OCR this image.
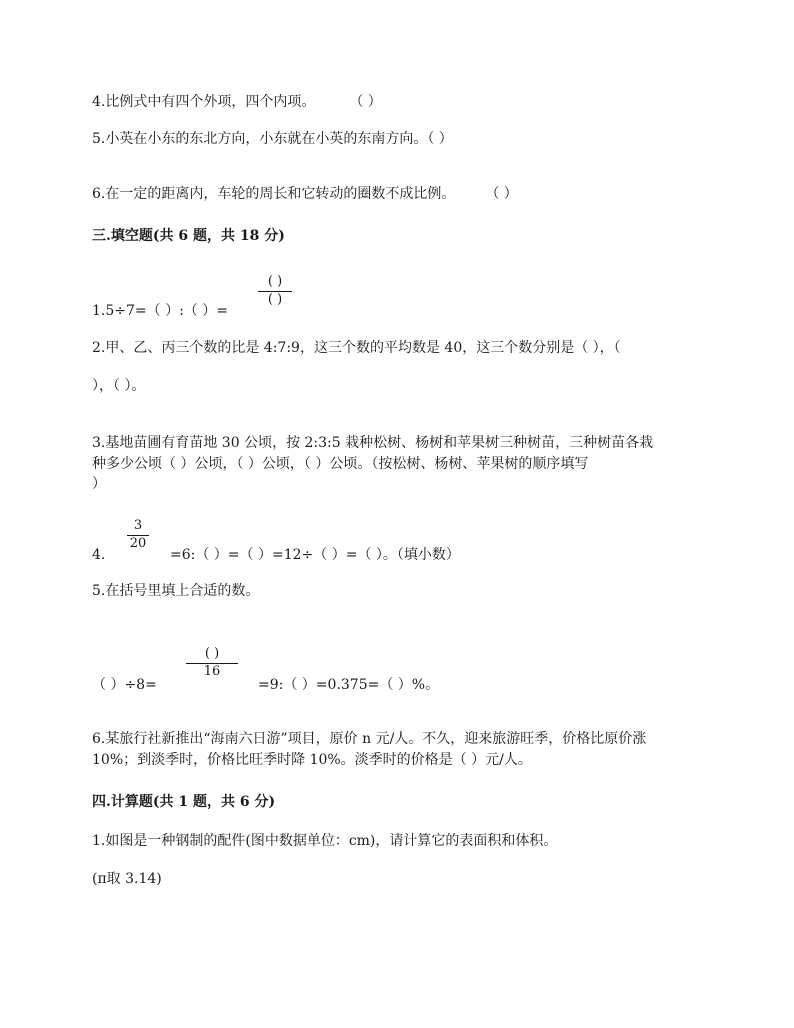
4.比例式中有四个外项，四个内项。 （ ）
5.小英在小东的东北方向，小东就在小英的东南方向。（ ）
6.在一定的距离内，车轮的周长和它转动的圈数不成比例。 （ ）
三.填空题(共 6 题，共 18 分)
( )
( )
1.5÷7=（ ）:（ ）=
2.甲、乙、丙三个数的比是 4:7:9，这三个数的平均数是 40，这三个数分别是（ ），（
），（ ）。
3.基地苗圃有育苗地 30 公顷，按 2:3:5 栽种松树、杨树和苹果树三种树苗，三种树苗各栽
种多少公顷（ ）公顷，（ ）公顷，（ ）公顷。（按松树、杨树、苹果树的顺序填写
）
3
20
4.	=6:（ ）=（ ）=12÷（ ）=（ ）。（填小数）
5.在括号里填上合适的数。
( )
16
（ ）÷8=	=9:（ ）=0.375=（ ）%。
6.某旅行社新推出“海南六日游”项目，原价 n 元/人。不久，迎来旅游旺季，价格比原价涨
10%；到淡季时，价格比旺季时降 10%。淡季时的价格是（ ）元/人。
四.计算题(共 1 题，共 6 分)
1.如图是一种钢制的配件(图中数据单位：cm)，请计算它的表面积和体积。
(π取 3.14)
